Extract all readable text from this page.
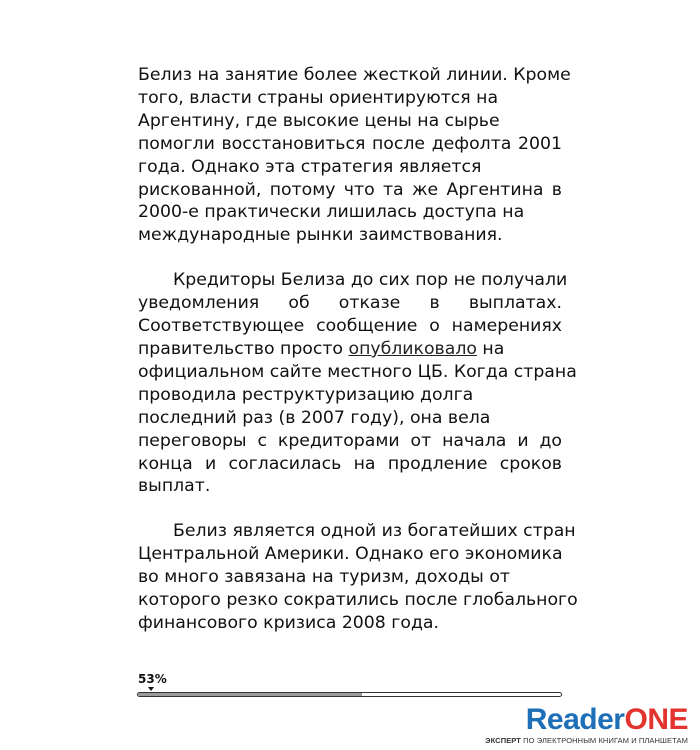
Белиз на занятие более жесткой линии. Кроме
того, власти страны ориентируются на
Аргентину, где высокие цены на сырье
помогли восстановиться после дефолта 2001
года. Однако эта стратегия является
рискованной, потому что та же Аргентина в
2000-е практически лишилась доступа на
международные рынки заимствования.

Кредиторы Белиза до сих пор не получали
уведомления об отказе в выплатах.
Соответствующее сообщение о намерениях
правительство просто опубликовало на
официальном сайте местного ЦБ. Когда страна
проводила реструктуризацию долга
последний раз (в 2007 году), она вела
переговоры с кредиторами от начала и до
конца и согласилась на продление сроков
выплат.

Белиз является одной из богатейших стран
Центральной Америки. Однако его экономика
во много завязана на туризм, доходы от
которого резко сократились после глобального
финансового кризиса 2008 года.

53%
ReaderONE
ЭКСПЕРТ ПО ЭЛЕКТРОННЫМ КНИГАМ И ПЛАНШЕТАМ
